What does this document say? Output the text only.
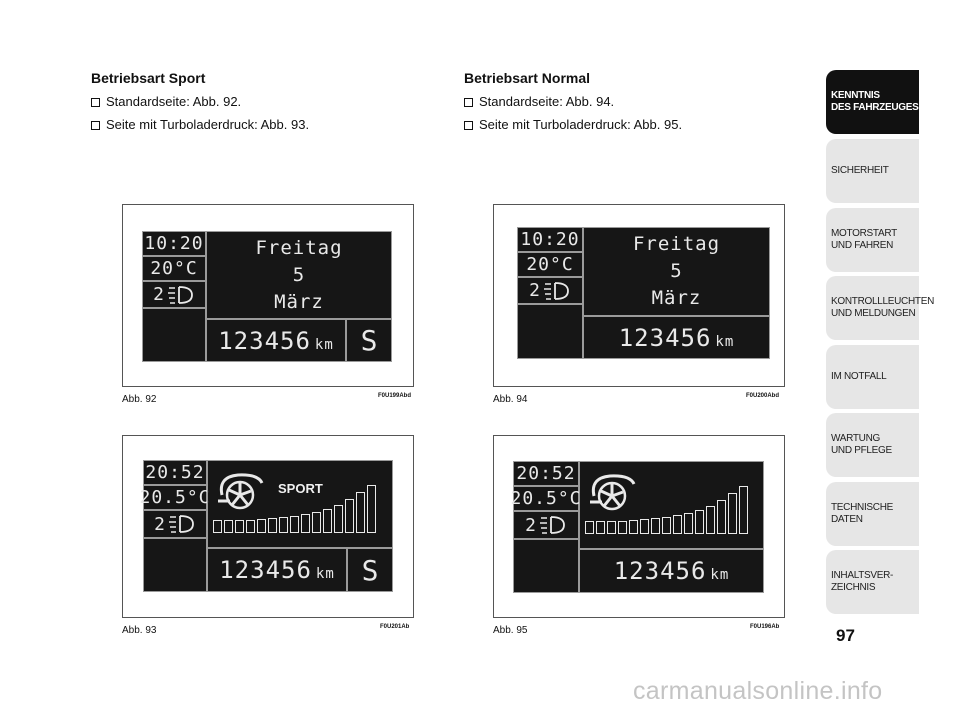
Betriebsart Sport
Standardseite: Abb. 92.
Seite mit Turboladerdruck: Abb. 93.
Betriebsart Normal
Standardseite: Abb. 94.
Seite mit Turboladerdruck: Abb. 95.
10:20
20°C
2
Freitag
5
März
123456 km S
Abb. 92	F0U199Abd
10:20
20°C
2
Freitag
5
März
123456 km
Abb. 94	F0U200Abd
20:52
20.5°C
2
SPORT
123456 km S
Abb. 93	F0U201Ab
20:52
20.5°C
2
123456 km
Abb. 95	F0U196Ab
KENNTNIS
DES FAHRZEUGES
SICHERHEIT
MOTORSTART
UND FAHREN
KONTROLLLEUCHTEN
UND MELDUNGEN
IM NOTFALL
WARTUNG
UND PFLEGE
TECHNISCHE
DATEN
INHALTSVER-
ZEICHNIS
97
carmanualsonline.info
